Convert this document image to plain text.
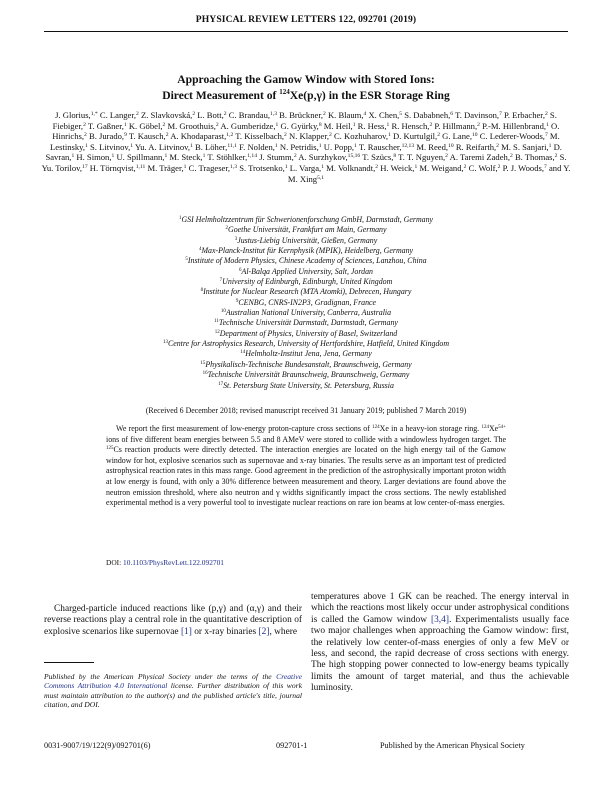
PHYSICAL REVIEW LETTERS 122, 092701 (2019)
Approaching the Gamow Window with Stored Ions:
Direct Measurement of $^{124}$Xe(p,γ) in the ESR Storage Ring
J. Glorius,$^{1,*}$ C. Langer,$^2$ Z. Slavkovská,$^2$ L. Bott,$^2$ C. Brandau,$^{1,3}$ B. Brückner,$^2$ K. Blaum,$^4$ X. Chen,$^5$ S. Dababneh,$^6$ T. Davinson,$^7$ P. Erbacher,$^2$ S. Fiebiger,$^2$ T. Gaßner,$^1$ K. Göbel,$^2$ M. Groothuis,$^2$ A. Gumberidze,$^1$ G. Gyürky,$^8$ M. Heil,$^1$ R. Hess,$^1$ R. Hensch,$^2$ P. Hillmann,$^2$ P.-M. Hillenbrand,$^1$ O. Hinrichs,$^2$ B. Jurado,$^9$ T. Kausch,$^2$ A. Khodaparast,$^{1,2}$ T. Kisselbach,$^2$ N. Klapper,$^2$ C. Kozhuharov,$^1$ D. Kurtulgil,$^2$ G. Lane,$^{10}$ C. Lederer-Woods,$^7$ M. Lestinsky,$^1$ S. Litvinov,$^1$ Yu. A. Litvinov,$^1$ B. Löher,$^{11,1}$ F. Nolden,$^1$ N. Petridis,$^1$ U. Popp,$^1$ T. Rauscher,$^{12,13}$ M. Reed,$^{10}$ R. Reifarth,$^2$ M. S. Sanjari,$^1$ D. Savran,$^1$ H. Simon,$^1$ U. Spillmann,$^1$ M. Steck,$^1$ T. Stöhlker,$^{1,14}$ J. Stumm,$^2$ A. Surzhykov,$^{15,16}$ T. Szücs,$^8$ T. T. Nguyen,$^2$ A. Taremi Zadeh,$^2$ B. Thomas,$^2$ S. Yu. Torilov,$^{17}$ H. Törnqvist,$^{1,11}$ M. Träger,$^1$ C. Trageser,$^{1,3}$ S. Trotsenko,$^1$ L. Varga,$^1$ M. Volknandt,$^2$ H. Weick,$^1$ M. Weigand,$^2$ C. Wolf,$^2$ P. J. Woods,$^7$ and Y. M. Xing$^{5,1}$
$^1$GSI Helmholtzzentrum für Schwerionenforschung GmbH, Darmstadt, Germany
$^2$Goethe Universität, Frankfurt am Main, Germany
$^3$Justus-Liebig Universität, Gießen, Germany
$^4$Max-Planck-Institut für Kernphysik (MPIK), Heidelberg, Germany
$^5$Institute of Modern Physics, Chinese Academy of Sciences, Lanzhou, China
$^6$Al-Balqa Applied University, Salt, Jordan
$^7$University of Edinburgh, Edinburgh, United Kingdom
$^8$Institute for Nuclear Research (MTA Atomki), Debrecen, Hungary
$^9$CENBG, CNRS-IN2P3, Gradignan, France
$^{10}$Australian National University, Canberra, Australia
$^{11}$Technische Universität Darmstadt, Darmstadt, Germany
$^{12}$Department of Physics, University of Basel, Switzerland
$^{13}$Centre for Astrophysics Research, University of Hertfordshire, Hatfield, United Kingdom
$^{14}$Helmholtz-Institut Jena, Jena, Germany
$^{15}$Physikalisch-Technische Bundesanstalt, Braunschweig, Germany
$^{16}$Technische Universität Braunschweig, Braunschweig, Germany
$^{17}$St. Petersburg State University, St. Petersburg, Russia
(Received 6 December 2018; revised manuscript received 31 January 2019; published 7 March 2019)
We report the first measurement of low-energy proton-capture cross sections of $^{124}$Xe in a heavy-ion storage ring. $^{124}Xe^{54+}$ ions of five different beam energies between 5.5 and 8 AMeV were stored to collide with a windowless hydrogen target. The $^{125}$Cs reaction products were directly detected. The interaction energies are located on the high energy tail of the Gamow window for hot, explosive scenarios such as supernovae and x-ray binaries. The results serve as an important test of predicted astrophysical reaction rates in this mass range. Good agreement in the prediction of the astrophysically important proton width at low energy is found, with only a 30% difference between measurement and theory. Larger deviations are found above the neutron emission threshold, where also neutron and γ widths significantly impact the cross sections. The newly established experimental method is a very powerful tool to investigate nuclear reactions on rare ion beams at low center-of-mass energies.
DOI: 10.1103/PhysRevLett.122.092701
Charged-particle induced reactions like (p,γ) and (α,γ) and their reverse reactions play a central role in the quantitative description of explosive scenarios like supernovae [1] or x-ray binaries [2], where
temperatures above 1 GK can be reached. The energy interval in which the reactions most likely occur under astrophysical conditions is called the Gamow window [3,4]. Experimentalists usually face two major challenges when approaching the Gamow window: first, the relatively low center-of-mass energies of only a few MeV or less, and second, the rapid decrease of cross sections with energy. The high stopping power connected to low-energy beams typically limits the amount of target material, and thus the achievable luminosity.
Published by the American Physical Society under the terms of the Creative Commons Attribution 4.0 International license. Further distribution of this work must maintain attribution to the author(s) and the published article's title, journal citation, and DOI.
0031-9007/19/122(9)/092701(6)	092701-1	Published by the American Physical Society
